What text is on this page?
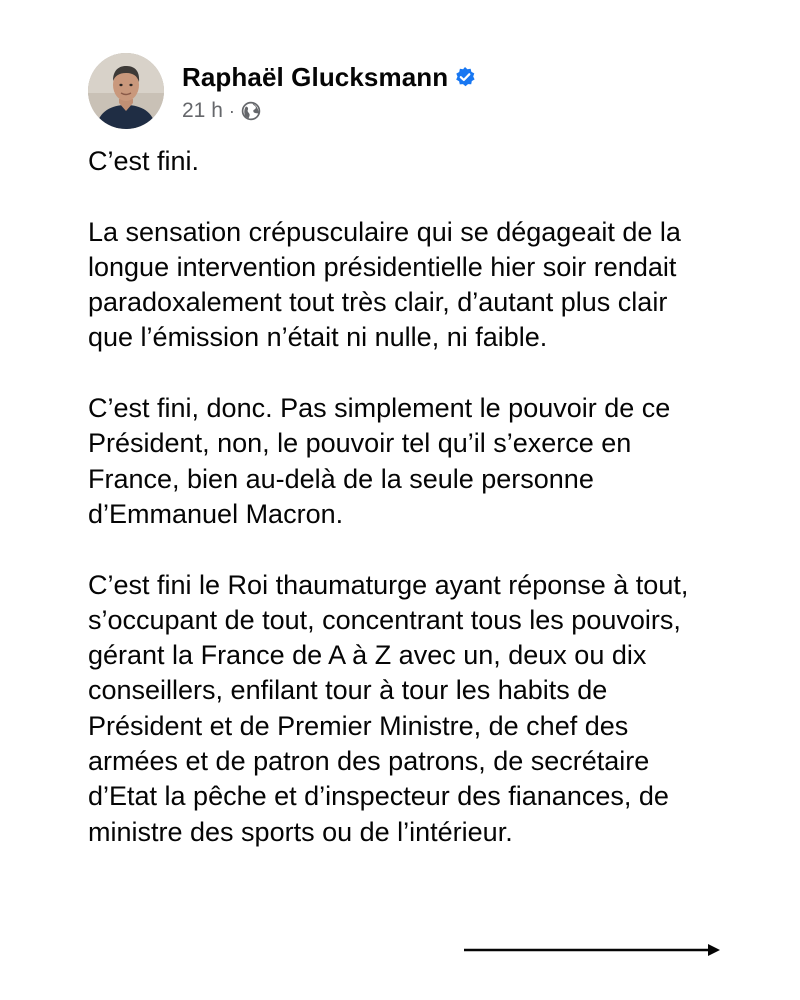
Raphaël Glucksmann
21 h ·

C’est fini.

La sensation crépusculaire qui se dégageait de la
longue intervention présidentielle hier soir rendait
paradoxalement tout très clair, d’autant plus clair
que l’émission n’était ni nulle, ni faible.

C’est fini, donc. Pas simplement le pouvoir de ce
Président, non, le pouvoir tel qu’il s’exerce en
France, bien au-delà de la seule personne
d’Emmanuel Macron.

C’est fini le Roi thaumaturge ayant réponse à tout,
s’occupant de tout, concentrant tous les pouvoirs,
gérant la France de A à Z avec un, deux ou dix
conseillers, enfilant tour à tour les habits de
Président et de Premier Ministre, de chef des
armées et de patron des patrons, de secrétaire
d’Etat la pêche et d’inspecteur des fianances, de
ministre des sports ou de l’intérieur.
